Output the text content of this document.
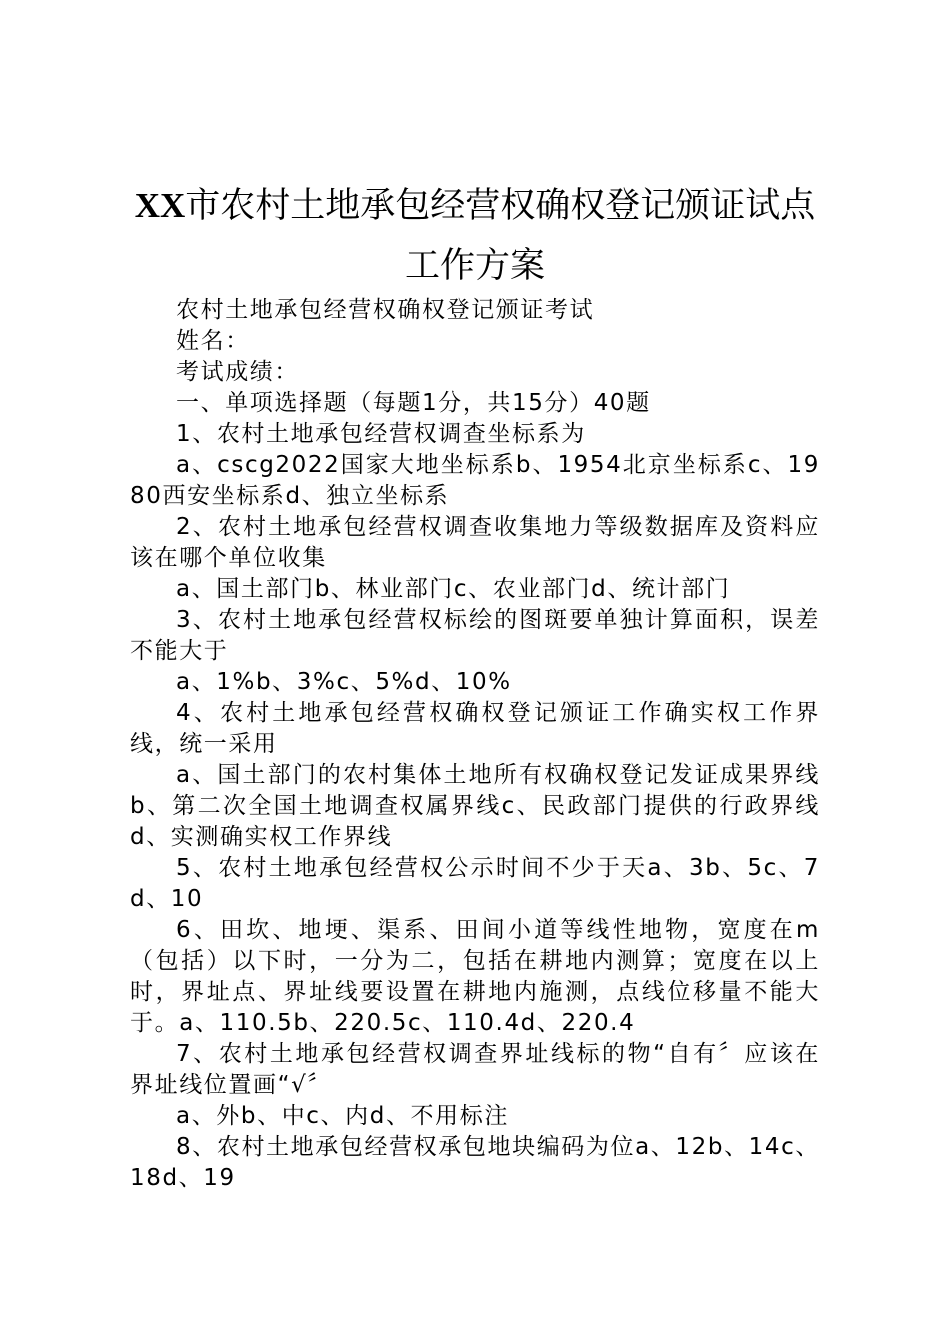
XX市农村土地承包经营权确权登记颁证试点
工作方案

农村土地承包经营权确权登记颁证考试

姓名：

考试成绩：

一、单项选择题（每题1分，共15分）40题

1、农村土地承包经营权调查坐标系为

a、cscg2022国家大地坐标系b、1954北京坐标系c、1980西安坐标系d、独立坐标系

2、农村土地承包经营权调查收集地力等级数据库及资料应该在哪个单位收集

a、国土部门b、林业部门c、农业部门d、统计部门

3、农村土地承包经营权标绘的图斑要单独计算面积，误差不能大于

a、1%b、3%c、5%d、10%

4、农村土地承包经营权确权登记颁证工作确实权工作界线，统一采用

a、国土部门的农村集体土地所有权确权登记发证成果界线b、第二次全国土地调查权属界线c、民政部门提供的行政界线d、实测确实权工作界线

5、农村土地承包经营权公示时间不少于天a、3b、5c、7d、10

6、田坎、地埂、渠系、田间小道等线性地物，宽度在m（包括）以下时，一分为二，包括在耕地内测算；宽度在以上时，界址点、界址线要设置在耕地内施测，点线位移量不能大于。a、110.5b、220.5c、110.4d、220.4

7、农村土地承包经营权调查界址线标的物“自有〞应该在界址线位置画“√〞

a、外b、中c、内d、不用标注

8、农村土地承包经营权承包地块编码为位a、12b、14c、18d、19
